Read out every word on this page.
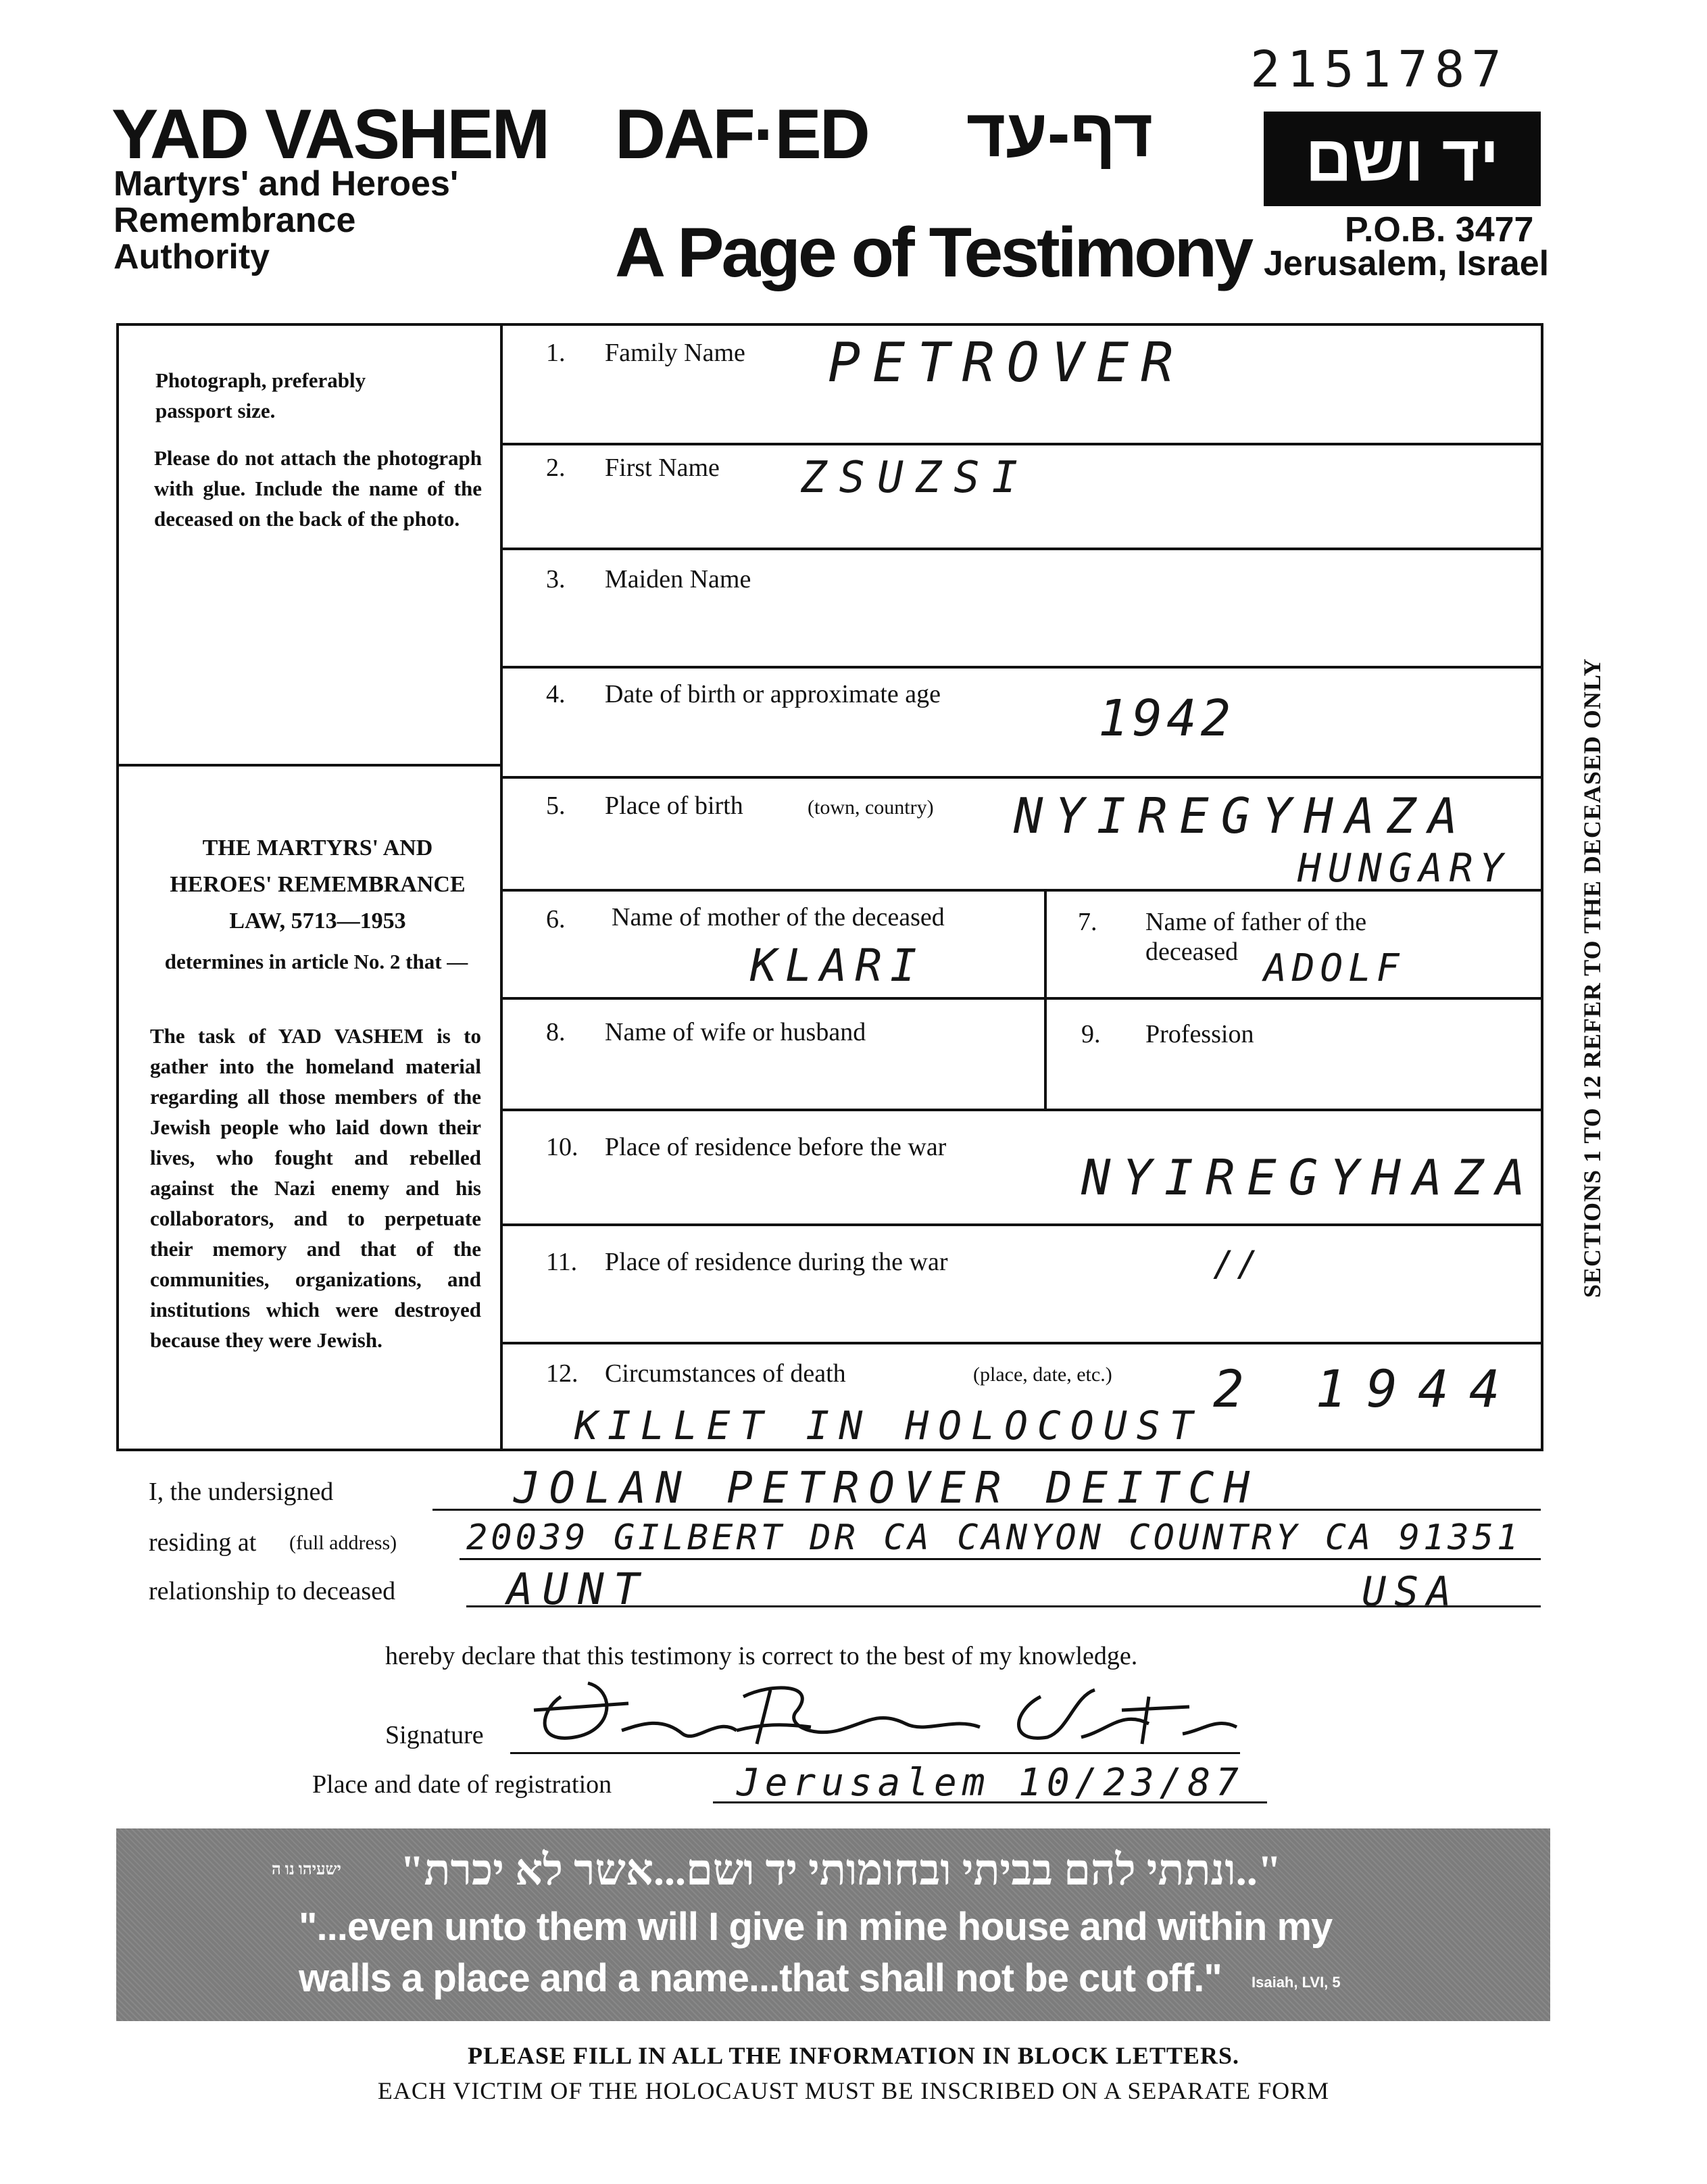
2151787
YAD VASHEM
Martyrs' and Heroes' Remembrance Authority
DAF·ED דף-עד	יד ושם
P.O.B. 3477
Jerusalem, Israel
A Page of Testimony
Photograph, preferably passport size.
Please do not attach the photograph with glue. Include the name of the deceased on the back of the photo.
THE MARTYRS' AND HEROES' REMEMBRANCE LAW, 5713—1953
determines in article No. 2 that —
The task of YAD VASHEM is to gather into the homeland material regarding all those members of the Jewish people who laid down their lives, who fought and rebelled against the Nazi enemy and his collaborators, and to perpetuate their memory and that of the communities, organizations, and institutions which were destroyed because they were Jewish.
1. Family Name PETROVER
2. First Name ZSUZSI
3. Maiden Name
4. Date of birth or approximate age	1942
5. Place of birth	(town, country) NYIREGYHAZA
HUNGARY
6. Name of mother of the deceased
KLARI
7. Name of father of the deceased ADOLF
8. Name of wife or husband	9. Profession
10. Place of residence before the war
NYIREGYHAZA
11. Place of residence during the war	//
12. Circumstances of death	(place, date, etc.) 2 1944
KILLET IN HOLOCOUST
I, the undersigned	JOLAN PETROVER DEITCH
residing at (full address) 20039 GILBERT DR CA CANYON COUNTRY CA 91351
relationship to deceased	AUNT	USA
hereby declare that this testimony is correct to the best of my knowledge.
Signature
Place and date of registration	Jerusalem 10/23/87
"..ונתתי להם בביתי ובחומותי יד ושם...אשר לא יכרת"
ישעיהו נו ה
"...even unto them will I give in mine house and within my
walls a place and a name...that shall not be cut off." Isaiah, LVI, 5
SECTIONS 1 TO 12 REFER TO THE DECEASED ONLY
PLEASE FILL IN ALL THE INFORMATION IN BLOCK LETTERS.
EACH VICTIM OF THE HOLOCAUST MUST BE INSCRIBED ON A SEPARATE FORM
